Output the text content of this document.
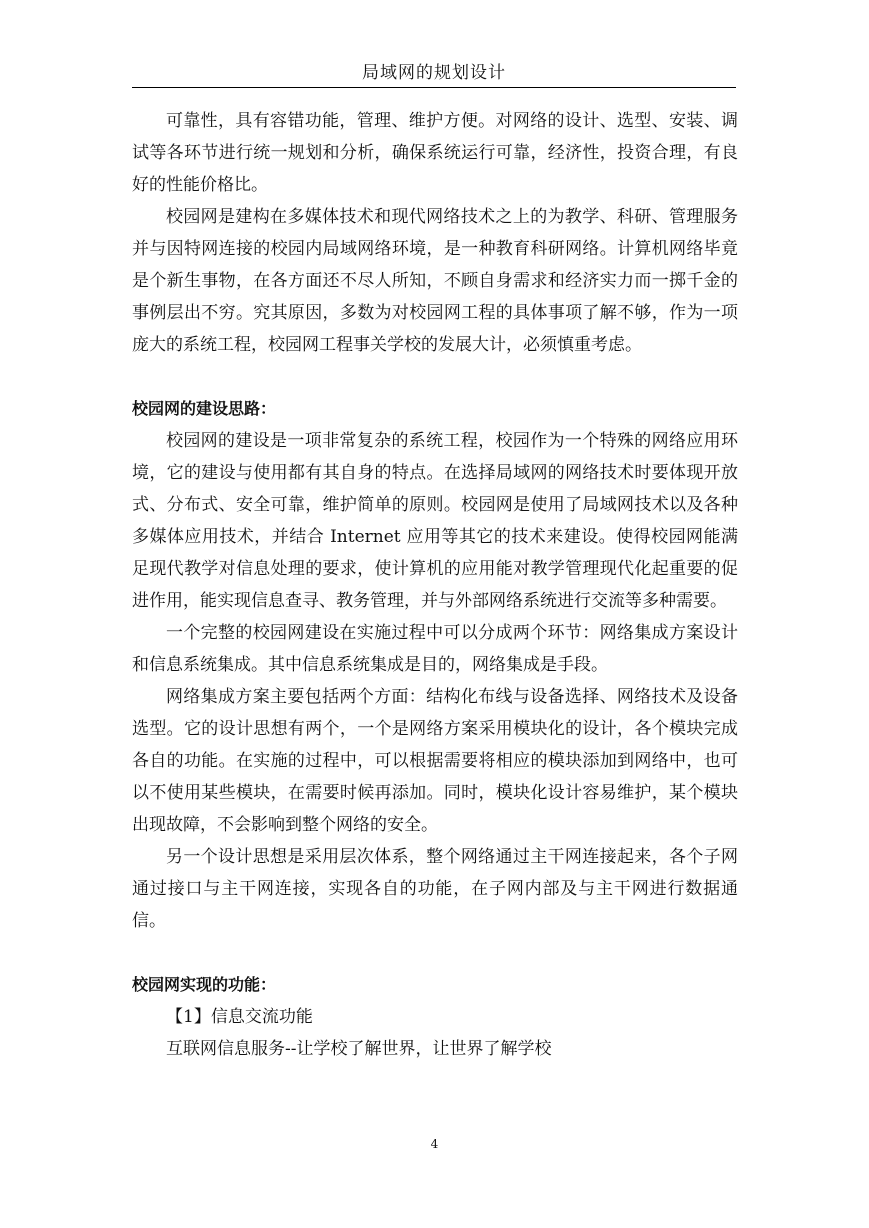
局域网的规划设计

可靠性，具有容错功能，管理、维护方便。对网络的设计、选型、安装、调试等各环节进行统一规划和分析，确保系统运行可靠，经济性，投资合理，有良好的性能价格比。

校园网是建构在多媒体技术和现代网络技术之上的为教学、科研、管理服务并与因特网连接的校园内局域网络环境，是一种教育科研网络。计算机网络毕竟是个新生事物，在各方面还不尽人所知，不顾自身需求和经济实力而一掷千金的事例层出不穷。究其原因，多数为对校园网工程的具体事项了解不够，作为一项庞大的系统工程，校园网工程事关学校的发展大计，必须慎重考虑。

校园网的建设思路：

校园网的建设是一项非常复杂的系统工程，校园作为一个特殊的网络应用环境，它的建设与使用都有其自身的特点。在选择局域网的网络技术时要体现开放式、分布式、安全可靠，维护简单的原则。校园网是使用了局域网技术以及各种多媒体应用技术，并结合 Internet 应用等其它的技术来建设。使得校园网能满足现代教学对信息处理的要求，使计算机的应用能对教学管理现代化起重要的促进作用，能实现信息查寻、教务管理，并与外部网络系统进行交流等多种需要。

一个完整的校园网建设在实施过程中可以分成两个环节：网络集成方案设计和信息系统集成。其中信息系统集成是目的，网络集成是手段。

网络集成方案主要包括两个方面：结构化布线与设备选择、网络技术及设备选型。它的设计思想有两个，一个是网络方案采用模块化的设计，各个模块完成各自的功能。在实施的过程中，可以根据需要将相应的模块添加到网络中，也可以不使用某些模块，在需要时候再添加。同时，模块化设计容易维护，某个模块出现故障，不会影响到整个网络的安全。

另一个设计思想是采用层次体系，整个网络通过主干网连接起来，各个子网通过接口与主干网连接，实现各自的功能，在子网内部及与主干网进行数据通信。

校园网实现的功能：

【1】信息交流功能

互联网信息服务--让学校了解世界，让世界了解学校

4
